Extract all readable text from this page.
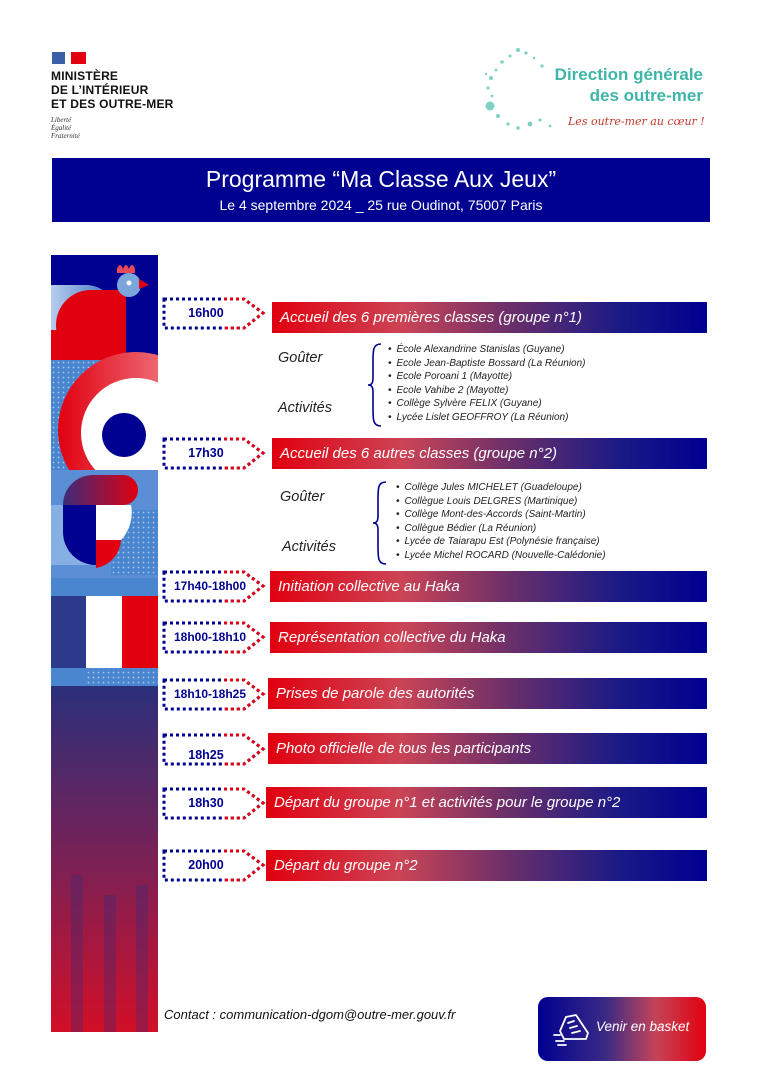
MINISTÈRE
DE L’INTÉRIEUR
ET DES OUTRE-MER
Liberté
Égalité
Fraternité
Direction générale
des outre-mer
Les outre-mer au cœur !
Programme “Ma Classe Aux Jeux”
Le 4 septembre 2024 _ 25 rue Oudinot, 75007 Paris
16h00
17h30
17h40-18h00
18h00-18h10
18h10-18h25
18h25
18h30
20h00
Accueil des 6 premières classes (groupe n°1)
Accueil des 6 autres classes (groupe n°2)
Initiation collective au Haka
Représentation collective du Haka
Prises de parole des autorités
Photo officielle de tous les participants
Départ du groupe n°1 et activités pour le groupe n°2
Départ du groupe n°2
Goûter
Activités
• École Alexandrine Stanislas (Guyane)
• Ecole Jean-Baptiste Bossard (La Réunion)
• Ecole Poroani 1 (Mayotte)
• Ecole Vahibe 2 (Mayotte)
• Collège Sylvère FELIX (Guyane)
• Lycée Lislet GEOFFROY (La Réunion)
Goûter
Activités
• Collège Jules MICHELET (Guadeloupe)
• Collègue Louis DELGRES (Martinique)
• Collège Mont-des-Accords (Saint-Martin)
• Collègue Bédier (La Réunion)
• Lycée de Taiarapu Est (Polynésie française)
• Lycée Michel ROCARD (Nouvelle-Calédonie)
Contact : communication-dgom@outre-mer.gouv.fr
Venir en basket
